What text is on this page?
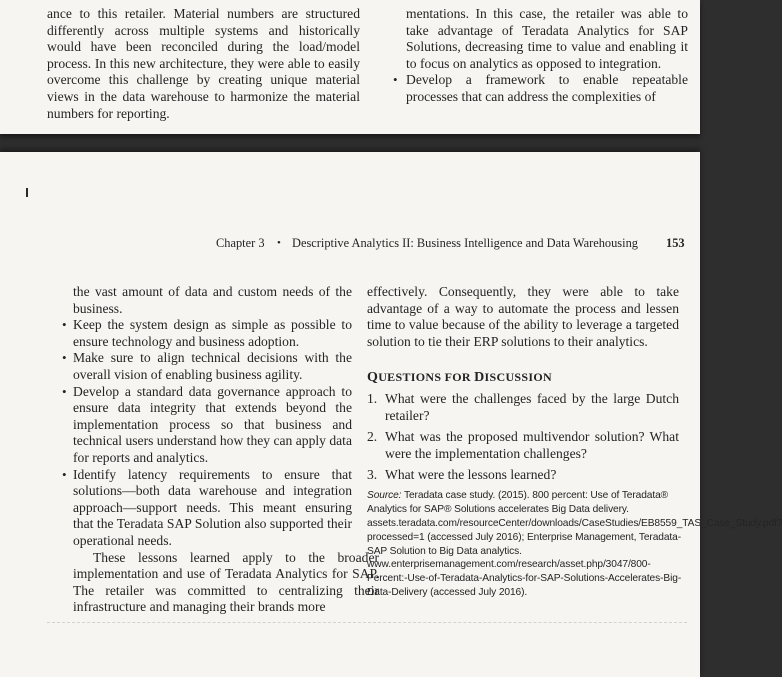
ance to this retailer. Material numbers are structured differently across multiple systems and historically would have been reconciled during the load/model process. In this new architecture, they were able to easily overcome this challenge by creating unique material views in the data warehouse to harmonize the material numbers for reporting.

mentations. In this case, the retailer was able to take advantage of Teradata Analytics for SAP Solutions, decreasing time to value and enabling it to focus on analytics as opposed to integration.

• Develop a framework to enable repeatable processes that can address the complexities of
Chapter 3 • Descriptive Analytics II: Business Intelligence and Data Warehousing 153

the vast amount of data and custom needs of the business.

• Keep the system design as simple as possible to ensure technology and business adoption.
• Make sure to align technical decisions with the overall vision of enabling business agility.
• Develop a standard data governance approach to ensure data integrity that extends beyond the implementation process so that business and technical users understand how they can apply data for reports and analytics.
• Identify latency requirements to ensure that solutions—both data warehouse and integration approach—support needs. This meant ensuring that the Teradata SAP Solution also supported their operational needs.

These lessons learned apply to the broader implementation and use of Teradata Analytics for SAP. The retailer was committed to centralizing their infrastructure and managing their brands more

effectively. Consequently, they were able to take advantage of a way to automate the process and lessen time to value because of the ability to leverage a targeted solution to tie their ERP solutions to their analytics.

QUESTIONS FOR DISCUSSION
1. What were the challenges faced by the large Dutch retailer?
2. What was the proposed multivendor solution? What were the implementation challenges?
3. What were the lessons learned?

Source: Teradata case study. (2015). 800 percent: Use of Teradata® Analytics for SAP® Solutions accelerates Big Data delivery. assets.teradata.com/resourceCenter/downloads/CaseStudies/EB8559_TAS_Case_Study.pdf?processed=1 (accessed July 2016); Enterprise Management, Teradata-SAP Solution to Big Data analytics. www.enterprisemanagement.com/research/asset.php/3047/800-Percent:-Use-of-Teradata-Analytics-for-SAP-Solutions-Accelerates-Big-Data-Delivery (accessed July 2016).
